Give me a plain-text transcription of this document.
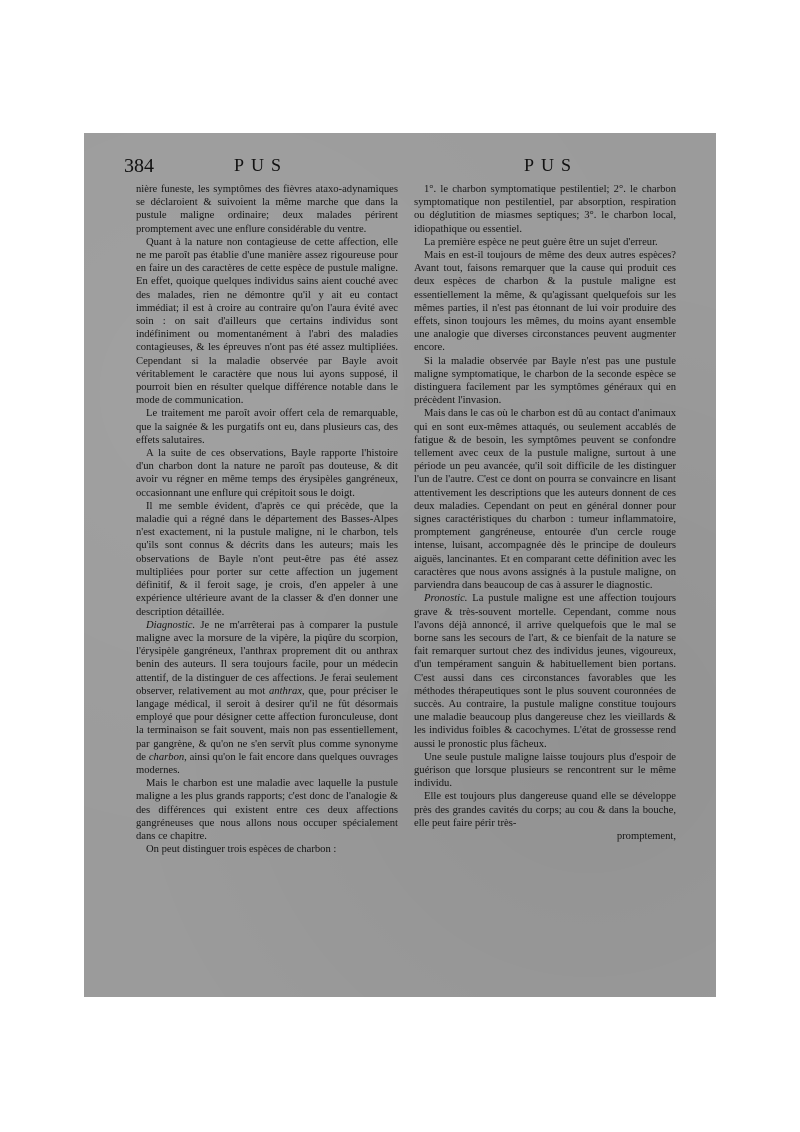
384	PUS	PUS

nière funeste, les symptômes des fièvres ataxo-adynamiques se déclaroient & suivoient la même marche que dans la pustule maligne ordinaire; deux malades périrent promptement avec une enflure considérable du ventre.

Quant à la nature non contagieuse de cette affection, elle ne me paroît pas établie d'une manière assez rigoureuse pour en faire un des caractères de cette espèce de pustule maligne. En effet, quoique quelques individus sains aient couché avec des malades, rien ne démontre qu'il y ait eu contact immédiat; il est à croire au contraire qu'on l'aura évité avec soin : on sait d'ailleurs que certains individus sont indéfiniment ou momentanément à l'abri des maladies contagieuses, & les épreuves n'ont pas été assez multipliées. Cependant si la maladie observée par Bayle avoit véritablement le caractère que nous lui ayons supposé, il pourroit bien en résulter quelque différence notable dans le mode de communication.

Le traitement me paroît avoir offert cela de remarquable, que la saignée & les purgatifs ont eu, dans plusieurs cas, des effets salutaires.

A la suite de ces observations, Bayle rapporte l'histoire d'un charbon dont la nature ne paroît pas douteuse, & dit avoir vu régner en même temps des érysipèles gangréneux, occasionnant une enflure qui crépitoit sous le doigt.

Il me semble évident, d'après ce qui précède, que la maladie qui a régné dans le département des Basses-Alpes n'est exactement, ni la pustule maligne, ni le charbon, tels qu'ils sont connus & décrits dans les auteurs; mais les observations de Bayle n'ont peut-être pas été assez multipliées pour porter sur cette affection un jugement définitif, & il feroit sage, je crois, d'en appeler à une expérience ultérieure avant de la classer & d'en donner une description détaillée.

Diagnostic. Je ne m'arrêterai pas à comparer la pustule maligne avec la morsure de la vipère, la piqûre du scorpion, l'érysipèle gangréneux, l'anthrax proprement dit ou anthrax benin des auteurs. Il sera toujours facile, pour un médecin attentif, de la distinguer de ces affections. Je ferai seulement observer, relativement au mot anthrax, que, pour préciser le langage médical, il seroit à desirer qu'il ne fût désormais employé que pour désigner cette affection furonculeuse, dont la terminaison se fait souvent, mais non pas essentiellement, par gangrène, & qu'on ne s'en servît plus comme synonyme de charbon, ainsi qu'on le fait encore dans quelques ouvrages modernes.

Mais le charbon est une maladie avec laquelle la pustule maligne a les plus grands rapports; c'est donc de l'analogie & des différences qui existent entre ces deux affections gangréneuses que nous allons nous occuper spécialement dans ce chapitre.

On peut distinguer trois espèces de charbon :

1°. le charbon symptomatique pestilentiel; 2°. le charbon symptomatique non pestilentiel, par absorption, respiration ou déglutition de miasmes septiques; 3°. le charbon local, idiopathique ou essentiel.

La première espèce ne peut guère être un sujet d'erreur.

Mais en est-il toujours de même des deux autres espèces? Avant tout, faisons remarquer que la cause qui produit ces deux espèces de charbon & la pustule maligne est essentiellement la même, & qu'agissant quelquefois sur les mêmes parties, il n'est pas étonnant de lui voir produire des effets, sinon toujours les mêmes, du moins ayant ensemble une analogie que diverses circonstances peuvent augmenter encore.

Si la maladie observée par Bayle n'est pas une pustule maligne symptomatique, le charbon de la seconde espèce se distinguera facilement par les symptômes généraux qui en précèdent l'invasion.

Mais dans le cas où le charbon est dû au contact d'animaux qui en sont eux-mêmes attaqués, ou seulement accablés de fatigue & de besoin, les symptômes peuvent se confondre tellement avec ceux de la pustule maligne, surtout à une période un peu avancée, qu'il soit difficile de les distinguer l'un de l'autre. C'est ce dont on pourra se convaincre en lisant attentivement les descriptions que les auteurs donnent de ces deux maladies. Cependant on peut en général donner pour signes caractéristiques du charbon : tumeur inflammatoire, promptement gangréneuse, entourée d'un cercle rouge intense, luisant, accompagnée dès le principe de douleurs aiguës, lancinantes. Et en comparant cette définition avec les caractères que nous avons assignés à la pustule maligne, on parviendra dans beaucoup de cas à assurer le diagnostic.

Pronostic. La pustule maligne est une affection toujours grave & très-souvent mortelle. Cependant, comme nous l'avons déjà annoncé, il arrive quelquefois que le mal se borne sans les secours de l'art, & ce bienfait de la nature se fait remarquer surtout chez des individus jeunes, vigoureux, d'un tempérament sanguin & habituellement bien portans. C'est aussi dans ces circonstances favorables que les méthodes thérapeutiques sont le plus souvent couronnées de succès. Au contraire, la pustule maligne constitue toujours une maladie beaucoup plus dangereuse chez les vieillards & les individus foibles & cacochymes. L'état de grossesse rend aussi le pronostic plus fâcheux.

Une seule pustule maligne laisse toujours plus d'espoir de guérison que lorsque plusieurs se rencontrent sur le même individu.

Elle est toujours plus dangereuse quand elle se développe près des grandes cavités du corps; au cou & dans la bouche, elle peut faire périr très-

promptement,
